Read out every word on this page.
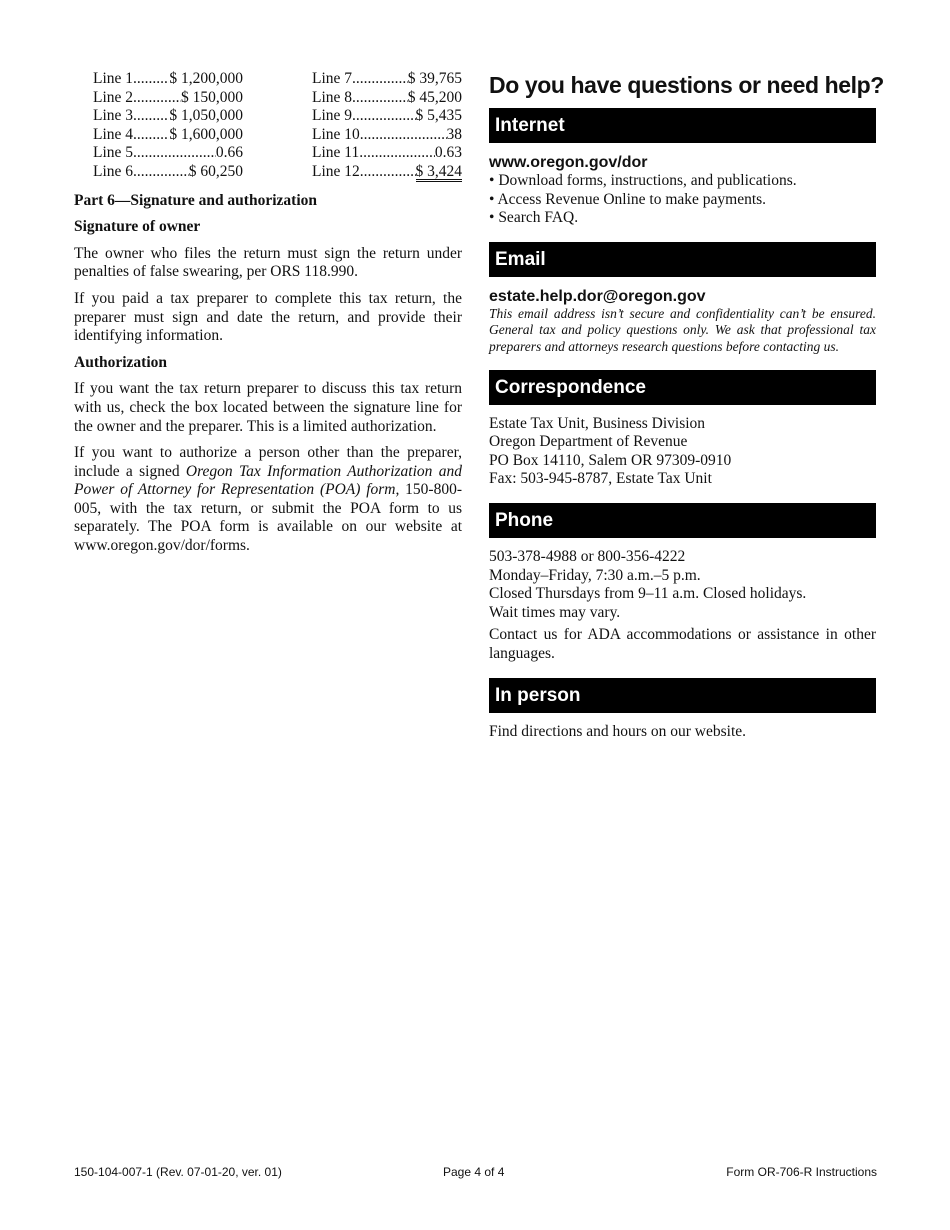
Line 1 ..... $ 1,200,000
Line 2 .....	$ 150,000
Line 3 ..... $ 1,050,000
Line 4 ..... $ 1,600,000
Line 5 .....	0.66
Line 6 .....	$ 60,250
Line 7 .....	$ 39,765
Line 8 .....	$ 45,200
Line 9 .....	$ 5,435
Line 10 .....	38
Line 11 .....	0.63
Line 12 .....	$ 3,424

Part 6—Signature and authorization

Signature of owner

The owner who files the return must sign the return under penalties of false swearing, per ORS 118.990.

If you paid a tax preparer to complete this tax return, the preparer must sign and date the return, and provide their identifying information.

Authorization

If you want the tax return preparer to discuss this tax return with us, check the box located between the signature line for the owner and the preparer. This is a limited authorization.

If you want to authorize a person other than the preparer, include a signed Oregon Tax Information Authorization and Power of Attorney for Representation (POA) form, 150-800-005, with the tax return, or submit the POA form to us separately. The POA form is available on our website at www.oregon.gov/dor/forms.

Do you have questions or need help?
Internet

www.oregon.gov/dor

• Download forms, instructions, and publications.
• Access Revenue Online to make payments.
• Search FAQ.
Email

estate.help.dor@oregon.gov

This email address isn’t secure and confidentiality can’t be ensured. General tax and policy questions only. We ask that professional tax preparers and attorneys research questions before contacting us.

Correspondence

Estate Tax Unit, Business Division

Oregon Department of Revenue

PO Box 14110, Salem OR 97309-0910

Fax: 503-945-8787, Estate Tax Unit

Phone

503-378-4988 or 800-356-4222

Monday–Friday, 7:30 a.m.–5 p.m.

Closed Thursdays from 9–11 a.m. Closed holidays.

Wait times may vary.

Contact us for ADA accommodations or assistance in other languages.

In person

Find directions and hours on our website.

150-104-007-1 (Rev. 07-01-20, ver. 01)	Page 4 of 4	Form OR-706-R Instructions
